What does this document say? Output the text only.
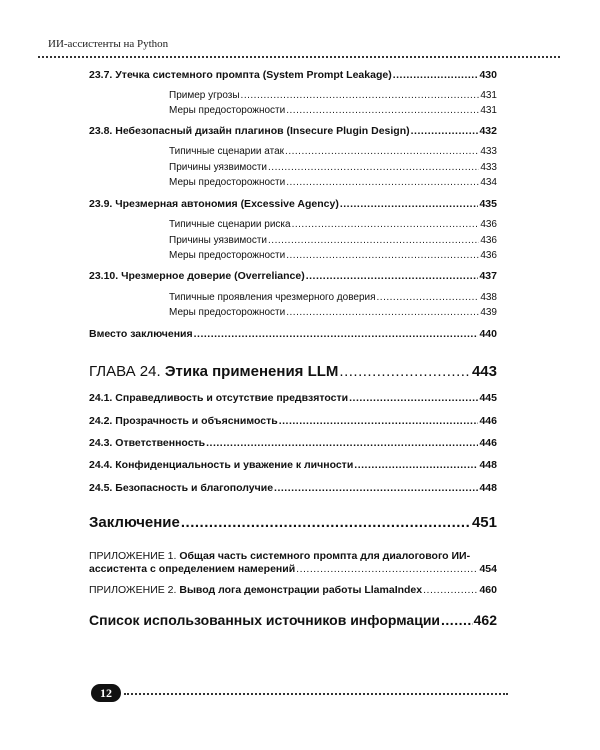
ИИ-ассистенты на Python
23.7. Утечка системного промпта (System Prompt Leakage) .....	430
Пример угрозы .....	431
Меры предосторожности .....	431
23.8. Небезопасный дизайн плагинов (Insecure Plugin Design) .....	432
Типичные сценарии атак .....	433
Причины уязвимости .....	433
Меры предосторожности .....	434
23.9. Чрезмерная автономия (Excessive Agency) .....	435
Типичные сценарии риска .....	436
Причины уязвимости .....	436
Меры предосторожности .....	436
23.10. Чрезмерное доверие (Overreliance) .....	437
Типичные проявления чрезмерного доверия .....	438
Меры предосторожности .....	439
Вместо заключения .....	440
ГЛАВА 24. Этика применения LLM .....	443
24.1. Справедливость и отсутствие предвзятости .....	445
24.2. Прозрачность и объяснимость .....	446
24.3. Ответственность .....	446
24.4. Конфиденциальность и уважение к личности .....	448
24.5. Безопасность и благополучие .....	448
Заключение .....	451
ПРИЛОЖЕНИЕ 1. Общая часть системного промпта для диалогового ИИ-
ассистента с определением намерений .....	454
ПРИЛОЖЕНИЕ 2. Вывод лога демонстрации работы LlamaIndex .....	460
Список использованных источников информации ..... 462
12
